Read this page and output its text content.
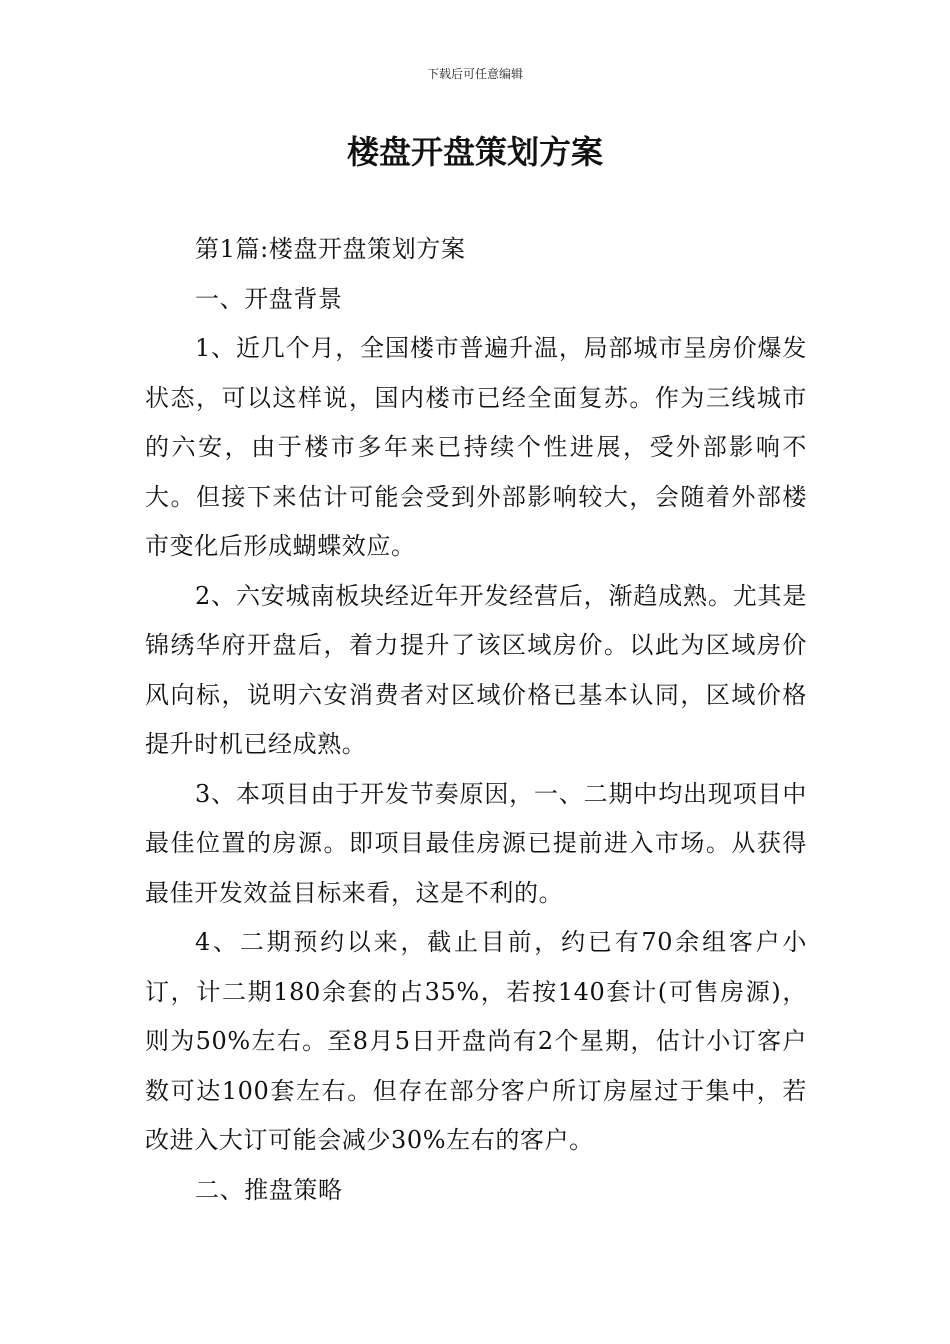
下载后可任意编辑
楼盘开盘策划方案

第1篇:楼盘开盘策划方案

一、开盘背景

1、近几个月，全国楼市普遍升温，局部城市呈房价爆发状态，可以这样说，国内楼市已经全面复苏。作为三线城市的六安，由于楼市多年来已持续个性进展，受外部影响不大。但接下来估计可能会受到外部影响较大，会随着外部楼市变化后形成蝴蝶效应。

2、六安城南板块经近年开发经营后，渐趋成熟。尤其是锦绣华府开盘后，着力提升了该区域房价。以此为区域房价风向标，说明六安消费者对区域价格已基本认同，区域价格提升时机已经成熟。

3、本项目由于开发节奏原因，一、二期中均出现项目中最佳位置的房源。即项目最佳房源已提前进入市场。从获得最佳开发效益目标来看，这是不利的。

4、二期预约以来，截止目前，约已有70余组客户小订，计二期180余套的占35%，若按140套计(可售房源)，则为50%左右。至8月5日开盘尚有2个星期，估计小订客户数可达100套左右。但存在部分客户所订房屋过于集中，若改进入大订可能会减少30%左右的客户。

二、推盘策略
